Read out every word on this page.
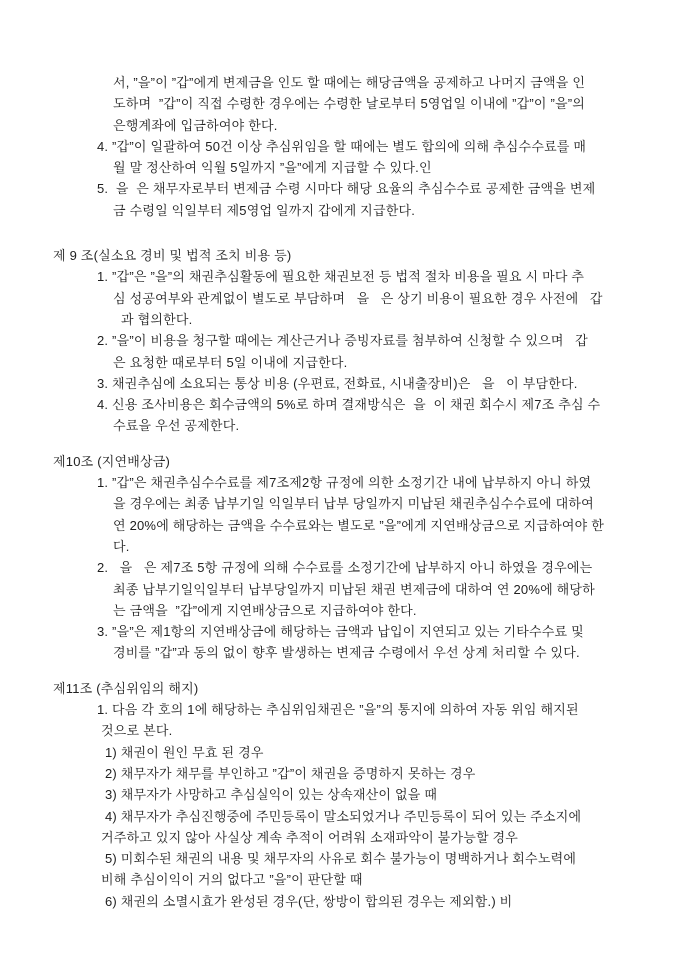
서, ”을”이 ”갑”에게 변제금을 인도 할 때에는 해당금액을 공제하고 나머지 금액을 인
도하며  ”갑”이 직접 수령한 경우에는 수령한 날로부터 5영업일 이내에 ”갑”이 ”을”의
은행계좌에 입금하여야 한다.
4. ”갑”이 일괄하여 50건 이상 추심위임을 할 때에는 별도 합의에 의해 추심수수료를 매
월 말 정산하여 익월 5일까지 ”을”에게 지급할 수 있다.인
5.  을  은 채무자로부터 변제금 수령 시마다 해당 요율의 추심수수료 공제한 금액을 변제
금 수령일 익일부터 제5영업 일까지 갑에게 지급한다.
제 9 조(실소요 경비 및 법적 조치 비용 등)
1. ”갑”은 ”을”의 채권추심활동에 필요한 채권보전 등 법적 절차 비용을 필요 시 마다 추
심 성공여부와 관계없이 별도로 부담하며   을   은 상기 비용이 필요한 경우 사전에   갑
과 협의한다.
2. ”을”이 비용을 청구할 때에는 계산근거나 증빙자료를 첨부하여 신청할 수 있으며   갑
은 요청한 때로부터 5일 이내에 지급한다.
3. 채권추심에 소요되는 통상 비용 (우편료, 전화료, 시내출장비)은   을   이 부담한다.
4. 신용 조사비용은 회수금액의 5%로 하며 결재방식은  을  이 채권 회수시 제7조 추심 수
수료을 우선 공제한다.
제10조 (지연배상금)
1. ”갑”은 채권추심수수료를 제7조제2항 규정에 의한 소정기간 내에 납부하지 아니 하였
을 경우에는 최종 납부기일 익일부터 납부 당일까지 미납된 채권추심수수료에 대하여
연 20%에 해당하는 금액을 수수료와는 별도로 ”을”에게 지연배상금으로 지급하여야 한
다.
2.   을   은 제7조 5항 규정에 의해 수수료를 소정기간에 납부하지 아니 하였을 경우에는
최종 납부기일익일부터 납부당일까지 미납된 채권 변제금에 대하여 연 20%에 해당하
는 금액을  ”갑”에게 지연배상금으로 지급하여야 한다.
3. ”을”은 제1항의 지연배상금에 해당하는 금액과 납입이 지연되고 있는 기타수수료 및
경비를 ”갑”과 동의 없이 향후 발생하는 변제금 수령에서 우선 상계 처리할 수 있다.
제11조 (추심위임의 해지)
1. 다음 각 호의 1에 해당하는 추심위임채권은 ”을”의 통지에 의하여 자동 위임 해지된
것으로 본다.
1) 채권이 원인 무효 된 경우
2) 채무자가 채무를 부인하고 ”갑”이 채권을 증명하지 못하는 경우
3) 채무자가 사망하고 추심실익이 있는 상속재산이 없을 때
4) 채무자가 추심진행중에 주민등록이 말소되었거나 주민등록이 되어 있는 주소지에
거주하고 있지 않아 사실상 계속 추적이 어려워 소재파악이 불가능할 경우
5) 미회수된 채권의 내용 및 채무자의 사유로 회수 불가능이 명백하거나 회수노력에
비해 추심이익이 거의 없다고 ”을”이 판단할 때
6) 채권의 소멸시효가 완성된 경우(단, 쌍방이 합의된 경우는 제외함.) 비
